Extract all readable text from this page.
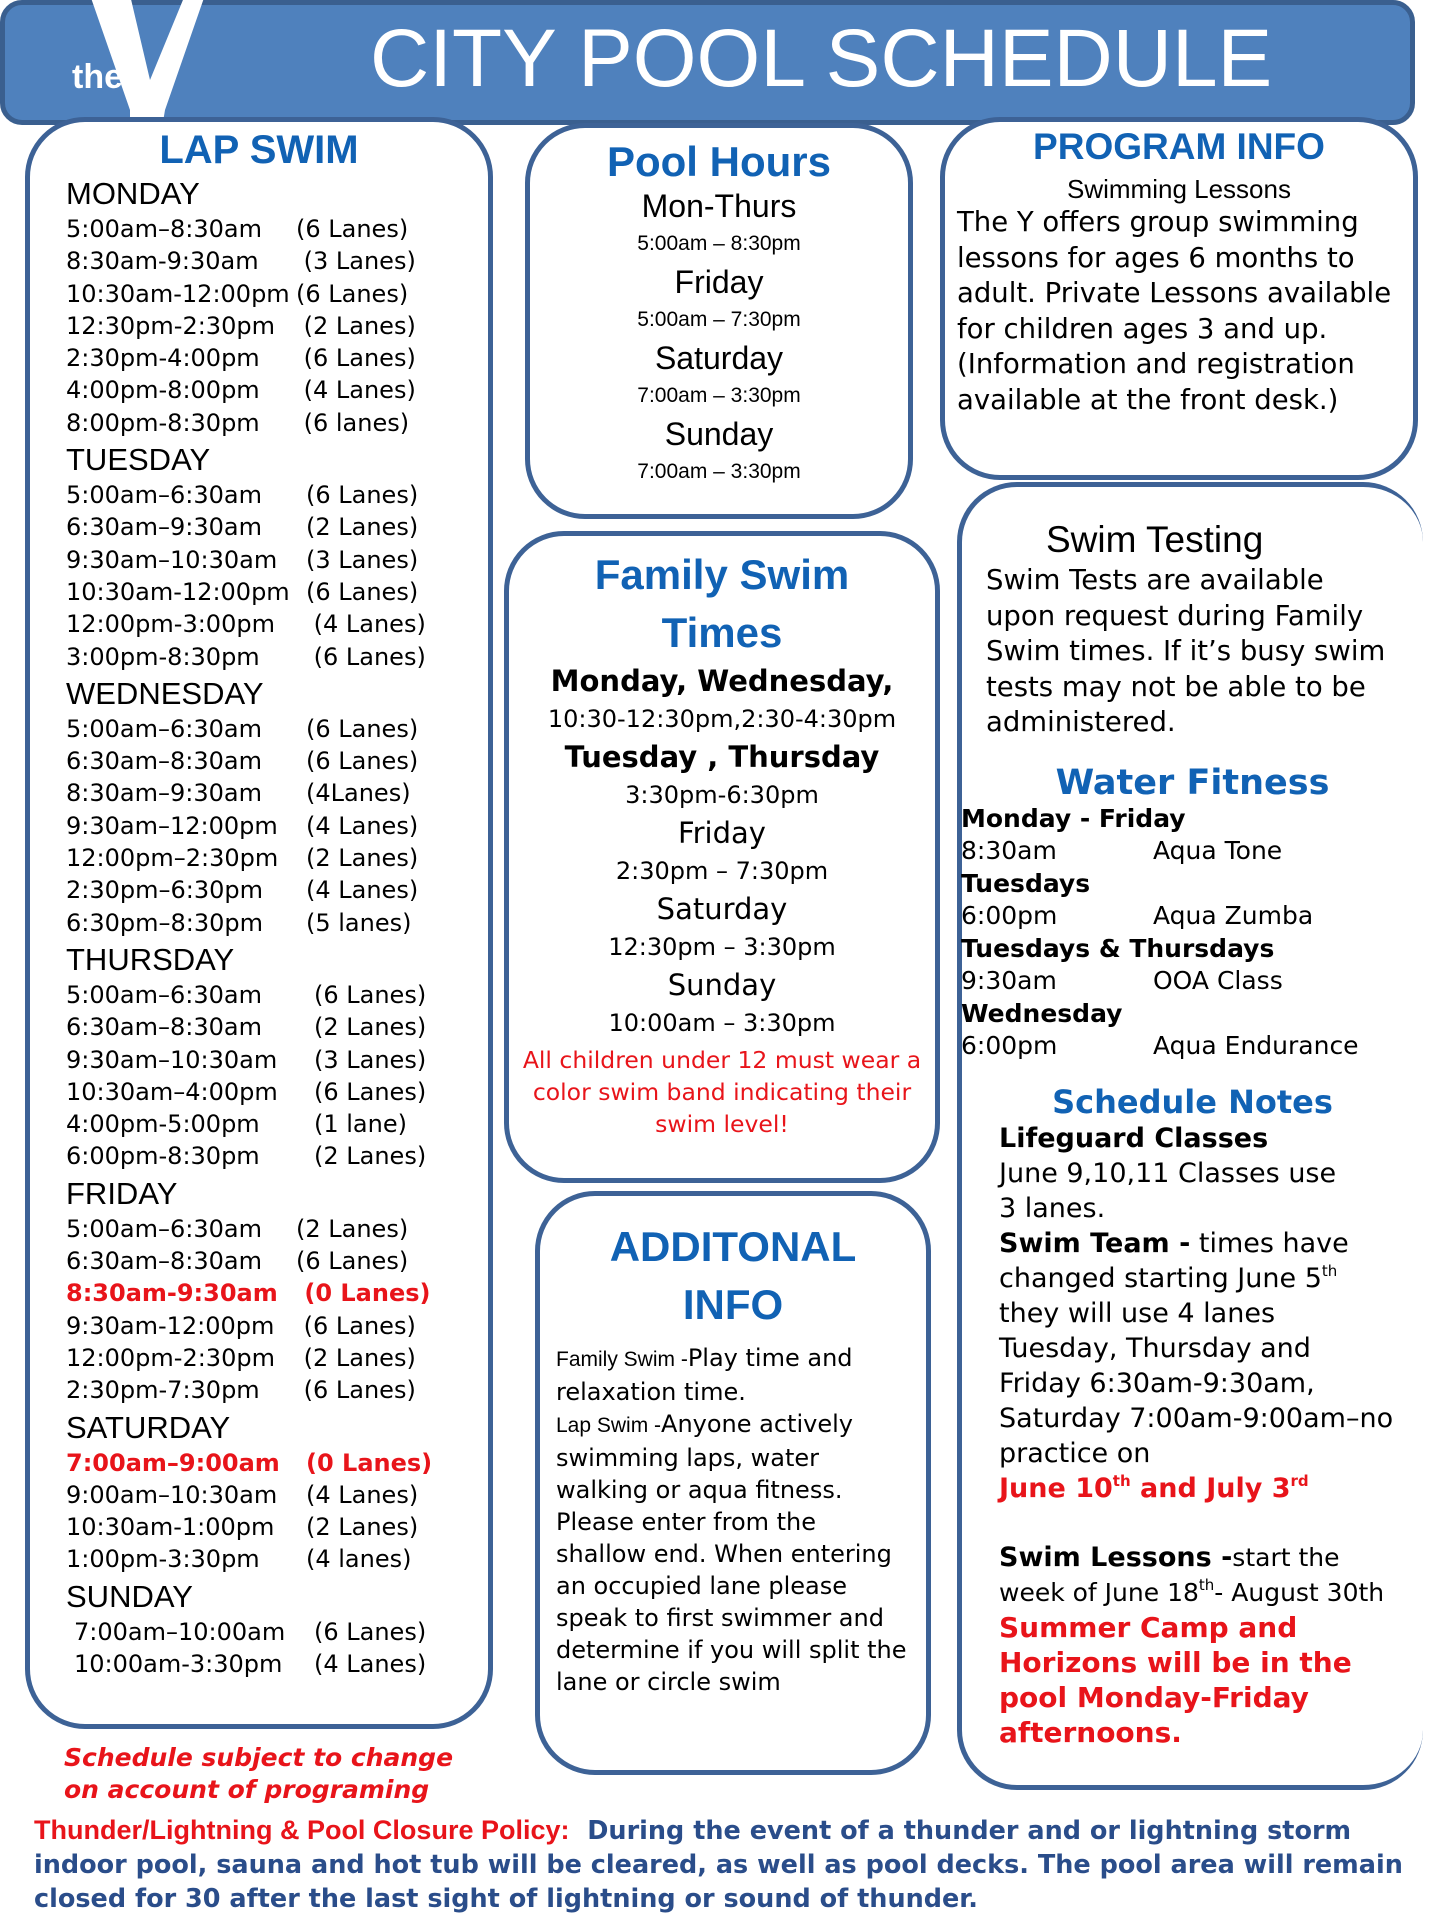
the	CITY POOL SCHEDULE
LAP SWIM
MONDAY
5:00am–8:30am (6 Lanes)
8:30am-9:30am (3 Lanes)
10:30am-12:00pm (6 Lanes)
12:30pm-2:30pm (2 Lanes)
2:30pm-4:00pm (6 Lanes)
4:00pm-8:00pm (4 Lanes)
8:00pm-8:30pm (6 lanes)
TUESDAY
5:00am–6:30am (6 Lanes)
6:30am–9:30am (2 Lanes)
9:30am–10:30am (3 Lanes)
10:30am-12:00pm (6 Lanes)
12:00pm-3:00pm (4 Lanes)
3:00pm-8:30pm (6 Lanes)
WEDNESDAY
5:00am–6:30am (6 Lanes)
6:30am–8:30am (6 Lanes)
8:30am–9:30am (4Lanes)
9:30am–12:00pm (4 Lanes)
12:00pm–2:30pm (2 Lanes)
2:30pm–6:30pm (4 Lanes)
6:30pm–8:30pm (5 lanes)
THURSDAY
5:00am–6:30am (6 Lanes)
6:30am–8:30am (2 Lanes)
9:30am–10:30am (3 Lanes)
10:30am–4:00pm (6 Lanes)
4:00pm-5:00pm (1 lane)
6:00pm-8:30pm (2 Lanes)
FRIDAY
5:00am–6:30am (2 Lanes)
6:30am–8:30am (6 Lanes)
8:30am-9:30am (0 Lanes)
9:30am-12:00pm (6 Lanes)
12:00pm-2:30pm (2 Lanes)
2:30pm-7:30pm (6 Lanes)
SATURDAY
7:00am–9:00am (0 Lanes)
9:00am–10:30am (4 Lanes)
10:30am-1:00pm (2 Lanes)
1:00pm-3:30pm (4 lanes)
SUNDAY
7:00am–10:00am (6 Lanes)
10:00am-3:30pm (4 Lanes)
Pool Hours
Mon-Thurs
5:00am – 8:30pm
Friday
5:00am – 7:30pm
Saturday
7:00am – 3:30pm
Sunday
7:00am – 3:30pm
Family Swim
Times
Monday, Wednesday,
10:30-12:30pm,2:30-4:30pm
Tuesday , Thursday
3:30pm-6:30pm
Friday
2:30pm – 7:30pm
Saturday
12:30pm – 3:30pm
Sunday
10:00am – 3:30pm
All children under 12 must wear a color swim band indicating their swim level!
ADDITONAL
INFO
Family Swim -Play time and relaxation time.
Lap Swim -Anyone actively swimming laps, water walking or aqua fitness. Please enter from the shallow end. When entering an occupied lane please speak to first swimmer and determine if you will split the lane or circle swim
PROGRAM INFO
Swimming Lessons
The Y offers group swimming lessons for ages 6 months to adult. Private Lessons available for children ages 3 and up. (Information and registration available at the front desk.)
Swim Testing
Swim Tests are available
upon request during Family
Swim times. If it’s busy swim
tests may not be able to be
administered.
Water Fitness
Monday - Friday
8:30am	Aqua Tone
Tuesdays
6:00pm	Aqua Zumba
Tuesdays & Thursdays
9:30am	OOA Class
Wednesday
6:00pm	Aqua Endurance
Schedule Notes
Lifeguard Classes
June 9,10,11 Classes use 3 lanes.
Swim Team - times have changed starting June 5th they will use 4 lanes Tuesday, Thursday and Friday 6:30am-9:30am, Saturday 7:00am-9:00am–no practice on
June 10th and July 3rd
Swim Lessons -start the week of June 18th- August 30th
Summer Camp and Horizons will be in the pool Monday-Friday afternoons.
Schedule subject to change
on account of programing
Thunder/Lightning & Pool Closure Policy: During the event of a thunder and or lightning storm indoor pool, sauna and hot tub will be cleared, as well as pool decks. The pool area will remain closed for 30 after the last sight of lightning or sound of thunder.
